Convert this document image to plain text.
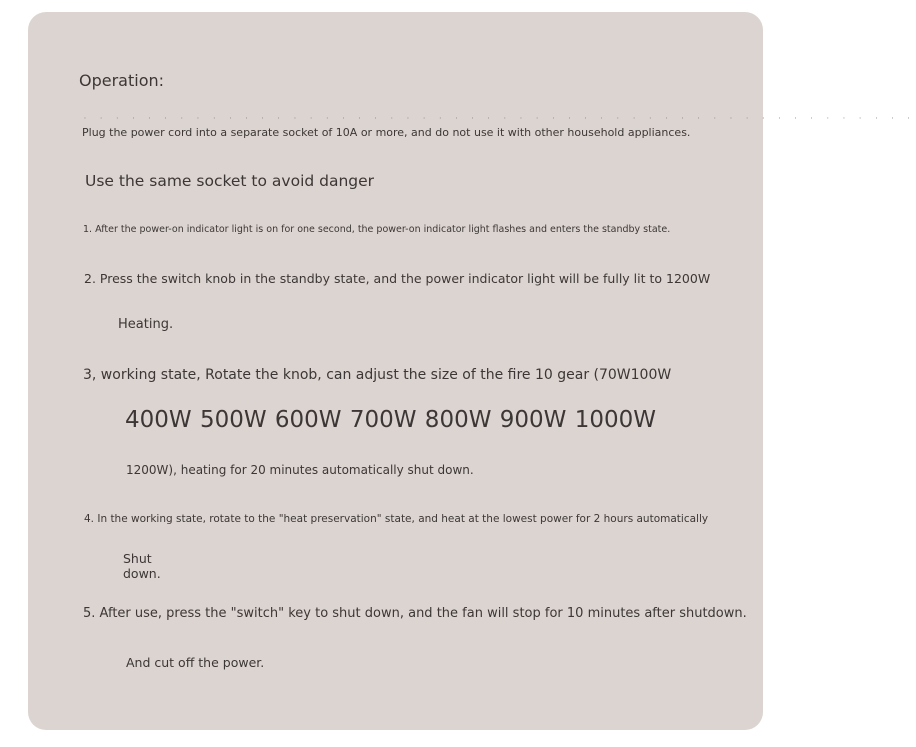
Operation:

' ' ' ' ' ' ' ' ' ' ' ' ' ' ' ' ' ' ' ' ' ' ' ' ' ' ' ' ' ' ' ' ' ' ' ' ' ' ' ' ' ' ' ' ' ' ' ' ' ' ' '

Plug the power cord into a separate socket of 10A or more, and do not use it with other household appliances.

Use the same socket to avoid danger

1. After the power-on indicator light is on for one second, the power-on indicator light flashes and enters the standby state.

2. Press the switch knob in the standby state, and the power indicator light will be fully lit to 1200W

Heating.

3, working state, Rotate the knob, can adjust the size of the fire 10 gear (70W100W

400W 500W 600W 700W 800W 900W 1000W

1200W), heating for 20 minutes automatically shut down.

4. In the working state, rotate to the "heat preservation" state, and heat at the lowest power for 2 hours automatically

Shut

down.

5. After use, press the "switch" key to shut down, and the fan will stop for 10 minutes after shutdown.

And cut off the power.
